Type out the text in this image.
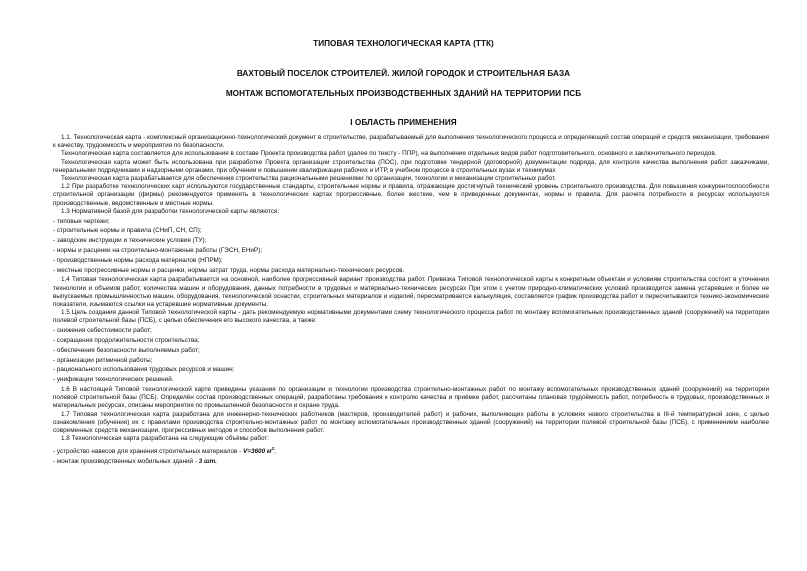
ТИПОВАЯ ТЕХНОЛОГИЧЕСКАЯ КАРТА (ТТК)
ВАХТОВЫЙ ПОСЕЛОК СТРОИТЕЛЕЙ. ЖИЛОЙ ГОРОДОК И СТРОИТЕЛЬНАЯ БАЗА
МОНТАЖ ВСПОМОГАТЕЛЬНЫХ ПРОИЗВОДСТВЕННЫХ ЗДАНИЙ НА ТЕРРИТОРИИ ПСБ
I ОБЛАСТЬ ПРИМЕНЕНИЯ

1.1. Технологическая карта - комплексный организационно-технологический документ в строительстве, разрабатываемый для выполнения технологического процесса и определяющий состав операций и средств механизации, требования к качеству, трудоемкость и мероприятия по безопасности.

Технологическая карта составляется для использования в составе Проекта производства работ (далее по тексту - ППР), на выполнение отдельных видов работ подготовительного, основного и заключительного периодов.

Технологическая карта может быть использована при разработке Проекта организации строительства (ПОС), при подготовке тендерной (договорной) документации подряда, для контроля качества выполнения работ заказчиками, генеральными подрядчиками и надзорными органами, при обучении и повышении квалификации рабочих и ИТР, в учебном процессе в строительных вузах и техникумах

Технологическая карта разрабатывается для обеспечения строительства рациональными решениями по организации, технологии и механизации строительных работ.

1.2 При разработке технологических карт используются государственные стандарты, строительные нормы и правила, отражающие достигнутый технический уровень строительного производства. Для повышения конкурентоспособности строительной организации (фирмы) рекомендуется применять в технологических картах прогрессивные, более жесткие, чем в приведенных документах, нормы и правила. Для расчета потребности в ресурсах используются производственные, ведомственные и местные нормы.

1.3 Нормативной базой для разработки технологической карты являются:

- типовые чертежи;

- строительные нормы и правила (СНиП, СН, СП);

- заводские инструкции и технические условия (ТУ);

- нормы и расценки на строительно-монтажные работы (ГЭСН, ЕНиР);

- производственные нормы расхода материалов (НПРМ);

- местные прогрессивные нормы и расценки, нормы затрат труда, нормы расхода материально-технических ресурсов.

1.4 Типовая технологическая карта разрабатывается на основной, наиболее прогрессивный вариант производства работ. Привязка Типовой технологической карты к конкретным объектам и условиям строительства состоит в уточнении технологии и объемов работ, количества машин и оборудования, данных потребности в трудовых и материально-технических ресурсах При этом с учетом природно-климатических условий производится замена устаревших и более не выпускаемых промышленностью машин, оборудования, технологической оснастки, строительных материалов и изделий, пересматривается калькуляция, составляется график производства работ и пересчитываются технико-экономические показатели, изымаются ссылки на устаревшие нормативные документы.

1.5 Цель создания данной Типовой технологической карты - дать рекомендуемую нормативными документами схему технологического процесса работ по монтажу вспомогательных производственных зданий (сооружений) на территории полевой строительной базы (ПСБ), с целью обеспечения его высокого качества, а также:

- снижения себестоимости работ;

- сокращения продолжительности строительства;

- обеспечения безопасности выполняемых работ;

- организации ритмичной работы;

- рационального использования трудовых ресурсов и машин;

- унификации технологических решений.

1.6 В настоящей Типовой технологической карте приведены указания по организации и технологии производства строительно-монтажных работ по монтажу вспомогательных производственных зданий (сооружений) на территории полевой строительной базы (ПСБ). Определён состав производственных операций, разработаны требования к контролю качества и приёмке работ, рассчитаны плановая трудоёмкость работ, потребность в трудовых, производственных и материальных ресурсах, описаны мероприятия по промышленной безопасности и охране труда.

1.7 Типовая технологическая карта разработана для инженерно-технических работников (мастеров, производителей работ) и рабочих, выполняющих работы в условиях нового строительства в III-й температурной зоне, с целью ознакомления (обучения) их с правилами производства строительно-монтажных работ по монтажу вспомогательных производственных зданий (сооружений) на территории полевой строительной базы (ПСБ), с применением наиболее современных средств механизации, прогрессивных методов и способов выполнения работ.

1.8 Технологическая карта разработана на следующие объёмы работ:

- устройство навесов для хранения строительных материалов - V=3600 $м^2$;

- монтаж производственных мобильных зданий - 3 шт.
